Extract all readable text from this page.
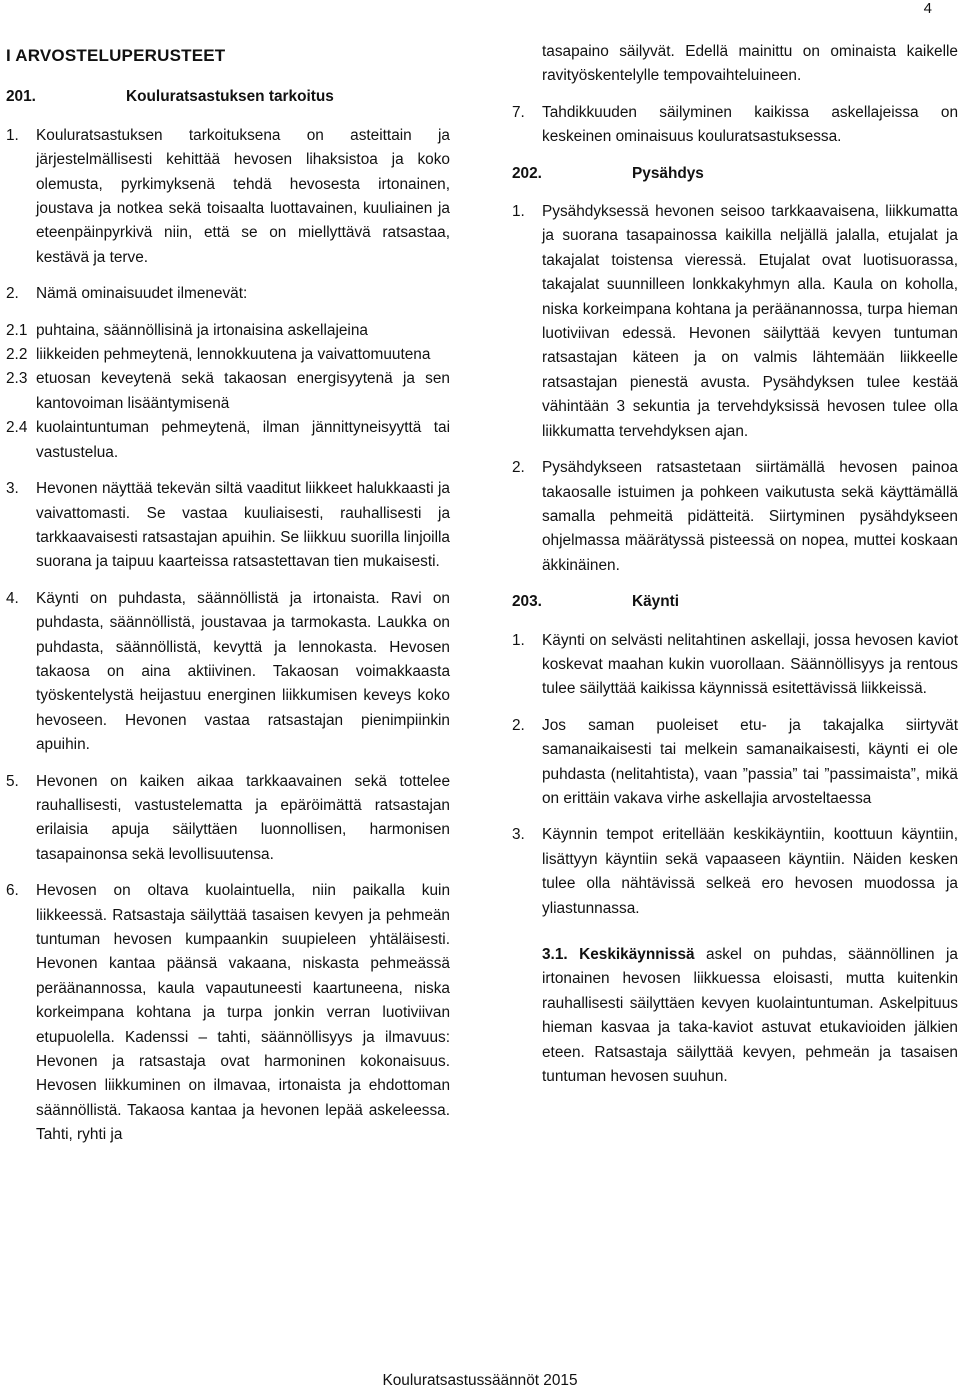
4
I ARVOSTELUPERUSTEET
201.	Kouluratsastuksen tarkoitus
1.	Kouluratsastuksen tarkoituksena on asteittain ja järjestelmällisesti kehittää hevosen lihaksistoa ja koko olemusta, pyrkimyksenä tehdä hevosesta irtonainen, joustava ja notkea sekä toisaalta luottavainen, kuuliainen ja eteenpäinpyrkivä niin, että se on miellyttävä ratsastaa, kestävä ja terve.
2.	Nämä ominaisuudet ilmenevät:
2.1 puhtaina, säännöllisinä ja irtonaisina askellajeina
2.2 liikkeiden pehmeytenä, lennokkuutena ja vaivattomuutena
2.3 etuosan keveytenä sekä takaosan energisyytenä ja sen kantovoiman lisääntymisenä
2.4 kuolaintuntuman pehmeytenä, ilman jännittyneisyyttä tai vastustelua.
3.	Hevonen näyttää tekevän siltä vaaditut liikkeet halukkaasti ja vaivattomasti. Se vastaa kuuliaisesti, rauhallisesti ja tarkkaavaisesti ratsastajan apuihin. Se liikkuu suorilla linjoilla suorana ja taipuu kaarteissa ratsastettavan tien mukaisesti.
4.	Käynti on puhdasta, säännöllistä ja irtonaista. Ravi on puhdasta, säännöllistä, joustavaa ja tarmokasta. Laukka on puhdasta, säännöllistä, kevyttä ja lennokasta. Hevosen takaosa on aina aktiivinen. Takaosan voimakkaasta työskentelystä heijastuu energinen liikkumisen keveys koko hevoseen. Hevonen vastaa ratsastajan pienimpiinkin apuihin.
5.	Hevonen on kaiken aikaa tarkkaavainen sekä tottelee rauhallisesti, vastustelematta ja epäröimättä ratsastajan erilaisia apuja säilyttäen luonnollisen, harmonisen tasapainonsa sekä levollisuutensa.
6.	Hevosen on oltava kuolaintuella, niin paikalla kuin liikkeessä. Ratsastaja säilyttää tasaisen kevyen ja pehmeän tuntuman hevosen kumpaankin suupieleen yhtäläisesti. Hevonen kantaa päänsä vakaana, niskasta pehmeässä peräänannossa, kaula vapautuneesti kaartuneena, niska korkeimpana kohtana ja turpa jonkin verran luotiviivan etupuolella. Kadenssi – tahti, säännöllisyys ja ilmavuus: Hevonen ja ratsastaja ovat harmoninen kokonaisuus. Hevosen liikkuminen on ilmavaa, irtonaista ja ehdottoman säännöllistä. Takaosa kantaa ja hevonen lepää askeleessa. Tahti, ryhti ja
tasapaino säilyvät. Edellä mainittu on ominaista kaikelle ravityöskentelylle tempovaihteluineen.
7.	Tahdikkuuden säilyminen kaikissa askellajeissa on keskeinen ominaisuus kouluratsastuksessa.
202.	Pysähdys
1.	Pysähdyksessä hevonen seisoo tarkkaavaisena, liikkumatta ja suorana tasapainossa kaikilla neljällä jalalla, etujalat ja takajalat toistensa vieressä. Etujalat ovat luotisuorassa, takajalat suunnilleen lonkkakyhmyn alla. Kaula on koholla, niska korkeimpana kohtana ja peräänannossa, turpa hieman luotiviivan edessä. Hevonen säilyttää kevyen tuntuman ratsastajan käteen ja on valmis lähtemään liikkeelle ratsastajan pienestä avusta. Pysähdyksen tulee kestää vähintään 3 sekuntia ja tervehdyksissä hevosen tulee olla liikkumatta tervehdyksen ajan.
2.	Pysähdykseen ratsastetaan siirtämällä hevosen painoa takaosalle istuimen ja pohkeen vaikutusta sekä käyttämällä samalla pehmeitä pidätteitä. Siirtyminen pysähdykseen ohjelmassa määrätyssä pisteessä on nopea, muttei koskaan äkkinäinen.
203.	Käynti
1.	Käynti on selvästi nelitahtinen askellaji, jossa hevosen kaviot koskevat maahan kukin vuorollaan. Säännöllisyys ja rentous tulee säilyttää kaikissa käynnissä esitettävissä liikkeissä.
2.	Jos saman puoleiset etu- ja takajalka siirtyvät samanaikaisesti tai melkein samanaikaisesti, käynti ei ole puhdasta (nelitahtista), vaan ”passia” tai ”passimaista”, mikä on erittäin vakava virhe askellajia arvosteltaessa
3.	Käynnin tempot eritellään keskikäyntiin, koottuun käyntiin, lisättyyn käyntiin sekä vapaaseen käyntiin. Näiden kesken tulee olla nähtävissä selkeä ero hevosen muodossa ja yliastunnassa.
3.1. Keskikäynnissä askel on puhdas, säännöllinen ja irtonainen hevosen liikkuessa eloisasti, mutta kuitenkin rauhallisesti säilyttäen kevyen kuolaintuntuman. Askelpituus hieman kasvaa ja taka-kaviot astuvat etukavioiden jälkien eteen. Ratsastaja säilyttää kevyen, pehmeän ja tasaisen tuntuman hevosen suuhun.
Kouluratsastussäännöt 2015
